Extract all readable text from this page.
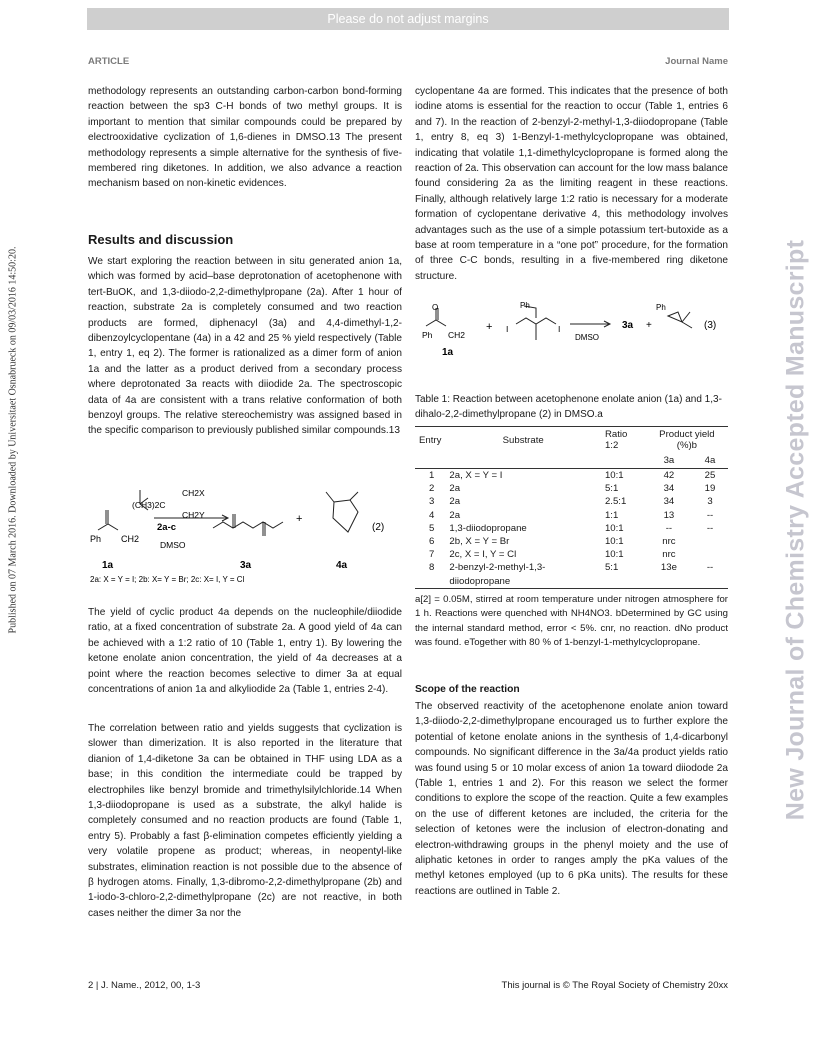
Please do not adjust margins
ARTICLE	Journal Name
Published on 07 March 2016. Downloaded by Universitaet Osnabrueck on 09/03/2016 14:50:20.	New Journal of Chemistry Accepted Manuscript

methodology represents an outstanding carbon-carbon bond-forming reaction between the sp3 C-H bonds of two methyl groups. It is important to mention that similar compounds could be prepared by electrooxidative cyclization of 1,6-dienes in DMSO.13 The present methodology represents a simple alternative for the synthesis of five-membered ring diketones. In addition, we also advance a reaction mechanism based on non-kinetic evidences.

Results and discussion

We start exploring the reaction between in situ generated anion 1a, which was formed by acid–base deprotonation of acetophenone with tert-BuOK, and 1,3-diiodo-2,2-dimethylpropane (2a). After 1 hour of reaction, substrate 2a is completely consumed and two reaction products are formed, diphenacyl (3a) and 4,4-dimethyl-1,2-dibenzoylcyclopentane (4a) in a 42 and 25 % yield respectively (Table 1, entry 1, eq 2). The former is rationalized as a dimer form of anion 1a and the latter as a product derived from a secondary process where deprotonated 3a reacts with diiodide 2a. The spectroscopic data of 4a are consistent with a trans relative conformation of both benzoyl groups. The relative stereochemistry was assigned based in the specific comparison to previously published similar compounds.13

Ph CH2
CH2X
(CH3)2C
CH2Y
2a-c
DMSO
+
(2)
1a	3a	4a
2a: X = Y = I; 2b: X= Y = Br; 2c: X= I, Y = Cl

The yield of cyclic product 4a depends on the nucleophile/diiodide ratio, at a fixed concentration of substrate 2a. A good yield of 4a can be achieved with a 1:2 ratio of 10 (Table 1, entry 1). By lowering the ketone enolate anion concentration, the yield of 4a decreases at a point where the reaction becomes selective to dimer 3a at equal concentrations of anion 1a and alkyliodide 2a (Table 1, entries 2-4).

The correlation between ratio and yields suggests that cyclization is slower than dimerization. It is also reported in the literature that dianion of 1,4-diketone 3a can be obtained in THF using LDA as a base; in this condition the intermediate could be trapped by electrophiles like benzyl bromide and trimethylsilylchloride.14 When 1,3-diiodopropane is used as a substrate, the alkyl halide is completely consumed and no reaction products are found (Table 1, entry 5). Probably a fast β-elimination competes efficiently yielding a very volatile propene as product; whereas, in neopentyl-like substrates, elimination reaction is not possible due to the absence of β hydrogen atoms. Finally, 1,3-dibromo-2,2-dimethylpropane (2b) and 1-iodo-3-chloro-2,2-dimethylpropane (2c) are not reactive, in both cases neither the dimer 3a nor the

cyclopentane 4a are formed. This indicates that the presence of both iodine atoms is essential for the reaction to occur (Table 1, entries 6 and 7). In the reaction of 2-benzyl-2-methyl-1,3-diiodopropane (Table 1, entry 8, eq 3) 1-Benzyl-1-methylcyclopropane was obtained, indicating that volatile 1,1-dimethylcyclopropane is formed along the reaction of 2a. This observation can account for the low mass balance found considering 2a as the limiting reagent in these reactions. Finally, although relatively large 1:2 ratio is necessary for a moderate formation of cyclopentane derivative 4, this methodology involves advantages such as the use of a simple potassium tert-butoxide as a base at room temperature in a “one pot” procedure, for the formation of three C-C bonds, resulting in a five-membered ring diketone structure.

O
Ph CH2
+ I	I
Ph
DMSO
3a +
Ph
(3)
1a
Table 1: Reaction between acetophenone enolate anion (1a) and 1,3-dihalo-2,2-dimethylpropane (2) in DMSO.a
Entry	Substrate	Ratio 1:2	Product yield (%)b	
			3a	4a
1	2a, X = Y = I	10:1	42	25
2	2a	5:1	34	19
3	2a	2.5:1	34	3
4	2a	1:1	13	--
5	1,3-diiodopropane	10:1	--	--
6	2b, X = Y = Br	10:1	nrc	
7	2c, X = I, Y = Cl	10:1	nrc	
8	2-benzyl-2-methyl-1,3-diiodopropane	5:1	13e	--
a[2] = 0.05M, stirred at room temperature under nitrogen atmosphere for 1 h. Reactions were quenched with NH4NO3. bDetermined by GC using the internal standard method, error < 5%. cnr, no reaction. dNo product was found. eTogether with 80 % of 1-benzyl-1-methylcyclopropane.
Scope of the reaction

The observed reactivity of the acetophenone enolate anion toward 1,3-diiodo-2,2-dimethylpropane encouraged us to further explore the potential of ketone enolate anions in the synthesis of 1,4-dicarbonyl compounds. No significant difference in the 3a/4a product yields ratio was found using 5 or 10 molar excess of anion 1a toward diiodode 2a (Table 1, entries 1 and 2). For this reason we select the former conditions to explore the scope of the reaction. Quite a few examples on the use of different ketones are included, the criteria for the selection of ketones were the inclusion of electron-donating and electron-withdrawing groups in the phenyl moiety and the use of aliphatic ketones in order to ranges amply the pKa values of the methyl ketones employed (up to 6 pKa units). The results for these reactions are outlined in Table 2.

2 | J. Name., 2012, 00, 1-3	This journal is © The Royal Society of Chemistry 20xx
